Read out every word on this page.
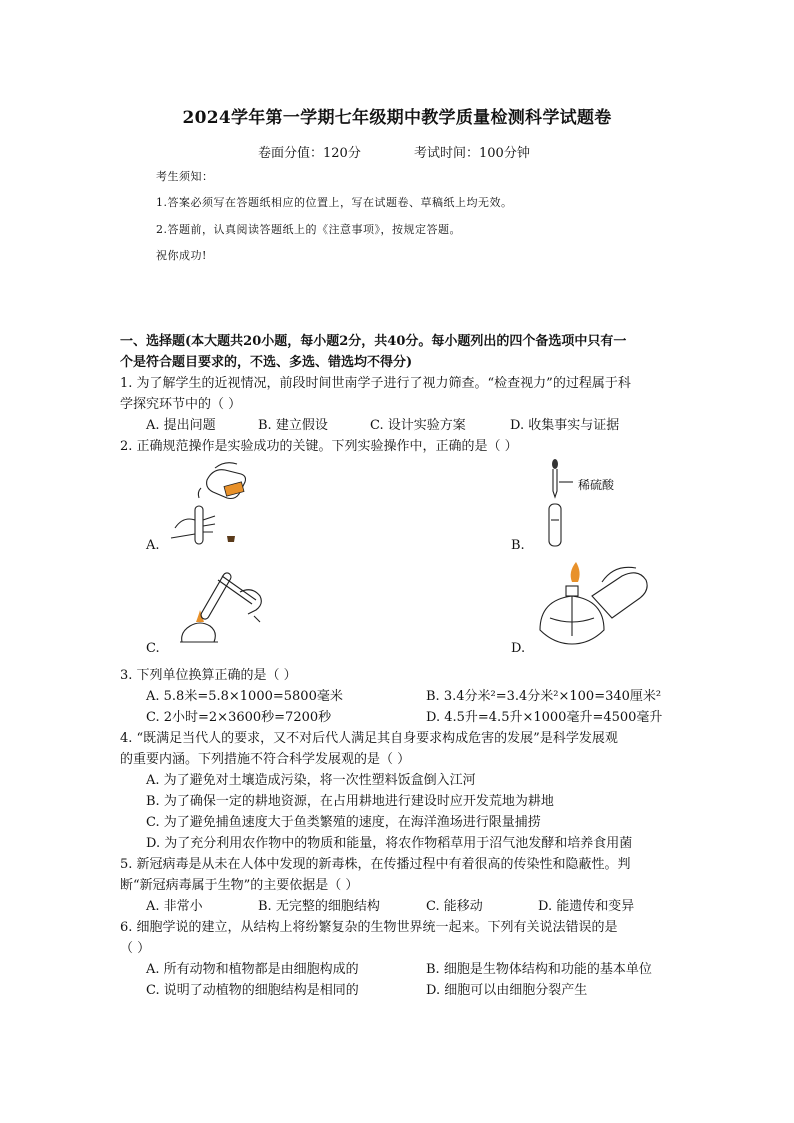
2024学年第一学期七年级期中教学质量检测科学试题卷
卷面分值：120分	考试时间：100分钟
考生须知：
1.答案必须写在答题纸相应的位置上，写在试题卷、草稿纸上均无效。
2.答题前，认真阅读答题纸上的《注意事项》，按规定答题。
祝你成功!
一、选择题(本大题共20小题，每小题2分，共40分。每小题列出的四个备选项中只有一
个是符合题目要求的，不选、多选、错选均不得分)
1. 为了解学生的近视情况，前段时间世南学子进行了视力筛查。“检查视力”的过程属于科
学探究环节中的（ ）
A. 提出问题	B. 建立假设	C. 设计实验方案	D. 收集事实与证据
2. 正确规范操作是实验成功的关键。下列实验操作中，正确的是（ ）
A.
稀硫酸
B.
C.	D.
3. 下列单位换算正确的是（ ）
A. 5.8米=5.8×1000=5800毫米	B. 3.4分米²=3.4分米²×100=340厘米²
C. 2小时=2×3600秒=7200秒	D. 4.5升=4.5升×1000毫升=4500毫升
4. “既满足当代人的要求，又不对后代人满足其自身要求构成危害的发展”是科学发展观
的重要内涵。下列措施不符合科学发展观的是（ ）
A. 为了避免对土壤造成污染，将一次性塑料饭盒倒入江河
B. 为了确保一定的耕地资源，在占用耕地进行建设时应开发荒地为耕地
C. 为了避免捕鱼速度大于鱼类繁殖的速度，在海洋渔场进行限量捕捞
D. 为了充分利用农作物中的物质和能量，将农作物稻草用于沼气池发酵和培养食用菌
5. 新冠病毒是从未在人体中发现的新毒株，在传播过程中有着很高的传染性和隐蔽性。判
断“新冠病毒属于生物”的主要依据是（ ）
A. 非常小	B. 无完整的细胞结构	C. 能移动	D. 能遗传和变异
6. 细胞学说的建立，从结构上将纷繁复杂的生物世界统一起来。下列有关说法错误的是
（ ）
A. 所有动物和植物都是由细胞构成的	B. 细胞是生物体结构和功能的基本单位
C. 说明了动植物的细胞结构是相同的	D. 细胞可以由细胞分裂产生
